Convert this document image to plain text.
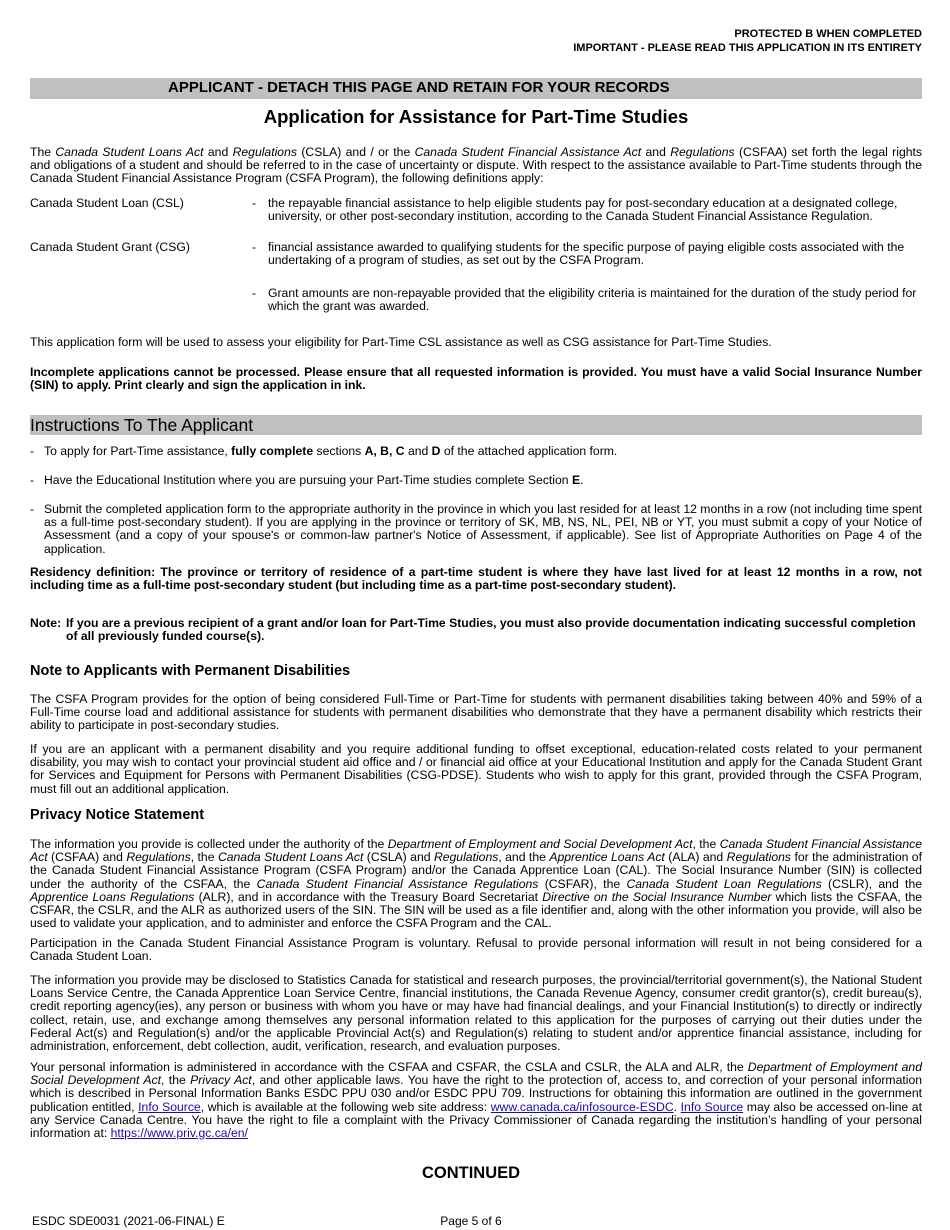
PROTECTED B WHEN COMPLETED
IMPORTANT - PLEASE READ THIS APPLICATION IN ITS ENTIRETY
APPLICANT - DETACH THIS PAGE AND RETAIN FOR YOUR RECORDS
Application for Assistance for Part-Time Studies

The Canada Student Loans Act and Regulations (CSLA) and / or the Canada Student Financial Assistance Act and Regulations (CSFAA) set forth the legal rights and obligations of a student and should be referred to in the case of uncertainty or dispute. With respect to the assistance available to Part-Time students through the Canada Student Financial Assistance Program (CSFA Program), the following definitions apply:

Canada Student Loan (CSL)	- the repayable financial assistance to help eligible students pay for post-secondary education at a designated college, university, or other post-secondary institution, according to the Canada Student Financial Assistance Regulation.
Canada Student Grant (CSG)	- financial assistance awarded to qualifying students for the specific purpose of paying eligible costs associated with the undertaking of a program of studies, as set out by the CSFA Program.
- Grant amounts are non-repayable provided that the eligibility criteria is maintained for the duration of the study period for which the grant was awarded.

This application form will be used to assess your eligibility for Part-Time CSL assistance as well as CSG assistance for Part-Time Studies.

Incomplete applications cannot be processed. Please ensure that all requested information is provided. You must have a valid Social Insurance Number (SIN) to apply. Print clearly and sign the application in ink.

Instructions To The Applicant
- To apply for Part-Time assistance, fully complete sections A, B, C and D of the attached application form.
- Have the Educational Institution where you are pursuing your Part-Time studies complete Section E.
- Submit the completed application form to the appropriate authority in the province in which you last resided for at least 12 months in a row (not including time spent as a full-time post-secondary student). If you are applying in the province or territory of SK, MB, NS, NL, PEI, NB or YT, you must submit a copy of your Notice of Assessment (and a copy of your spouse's or common-law partner's Notice of Assessment, if applicable). See list of Appropriate Authorities on Page 4 of the application.

Residency definition: The province or territory of residence of a part-time student is where they have last lived for at least 12 months in a row, not including time as a full-time post-secondary student (but including time as a part-time post-secondary student).

Note: If you are a previous recipient of a grant and/or loan for Part-Time Studies, you must also provide documentation indicating successful completion of all previously funded course(s).
Note to Applicants with Permanent Disabilities

The CSFA Program provides for the option of being considered Full-Time or Part-Time for students with permanent disabilities taking between 40% and 59% of a Full-Time course load and additional assistance for students with permanent disabilities who demonstrate that they have a permanent disability which restricts their ability to participate in post-secondary studies.

If you are an applicant with a permanent disability and you require additional funding to offset exceptional, education-related costs related to your permanent disability, you may wish to contact your provincial student aid office and / or financial aid office at your Educational Institution and apply for the Canada Student Grant for Services and Equipment for Persons with Permanent Disabilities (CSG-PDSE). Students who wish to apply for this grant, provided through the CSFA Program, must fill out an additional application.

Privacy Notice Statement

The information you provide is collected under the authority of the Department of Employment and Social Development Act, the Canada Student Financial Assistance Act (CSFAA) and Regulations, the Canada Student Loans Act (CSLA) and Regulations, and the Apprentice Loans Act (ALA) and Regulations for the administration of the Canada Student Financial Assistance Program (CSFA Program) and/or the Canada Apprentice Loan (CAL). The Social Insurance Number (SIN) is collected under the authority of the CSFAA, the Canada Student Financial Assistance Regulations (CSFAR), the Canada Student Loan Regulations (CSLR), and the Apprentice Loans Regulations (ALR), and in accordance with the Treasury Board Secretariat Directive on the Social Insurance Number which lists the CSFAA, the CSFAR, the CSLR, and the ALR as authorized users of the SIN. The SIN will be used as a file identifier and, along with the other information you provide, will also be used to validate your application, and to administer and enforce the CSFA Program and the CAL.

Participation in the Canada Student Financial Assistance Program is voluntary. Refusal to provide personal information will result in not being considered for a Canada Student Loan.

The information you provide may be disclosed to Statistics Canada for statistical and research purposes, the provincial/territorial government(s), the National Student Loans Service Centre, the Canada Apprentice Loan Service Centre, financial institutions, the Canada Revenue Agency, consumer credit grantor(s), credit bureau(s), credit reporting agency(ies), any person or business with whom you have or may have had financial dealings, and your Financial Institution(s) to directly or indirectly collect, retain, use, and exchange among themselves any personal information related to this application for the purposes of carrying out their duties under the Federal Act(s) and Regulation(s) and/or the applicable Provincial Act(s) and Regulation(s) relating to student and/or apprentice financial assistance, including for administration, enforcement, debt collection, audit, verification, research, and evaluation purposes.

Your personal information is administered in accordance with the CSFAA and CSFAR, the CSLA and CSLR, the ALA and ALR, the Department of Employment and Social Development Act, the Privacy Act, and other applicable laws. You have the right to the protection of, access to, and correction of your personal information which is described in Personal Information Banks ESDC PPU 030 and/or ESDC PPU 709. Instructions for obtaining this information are outlined in the government publication entitled, Info Source, which is available at the following web site address: www.canada.ca/infosource-ESDC. Info Source may also be accessed on-line at any Service Canada Centre. You have the right to file a complaint with the Privacy Commissioner of Canada regarding the institution’s handling of your personal information at: https://www.priv.gc.ca/en/

CONTINUED
ESDC SDE0031 (2021-06-FINAL) E	Page 5 of 6
